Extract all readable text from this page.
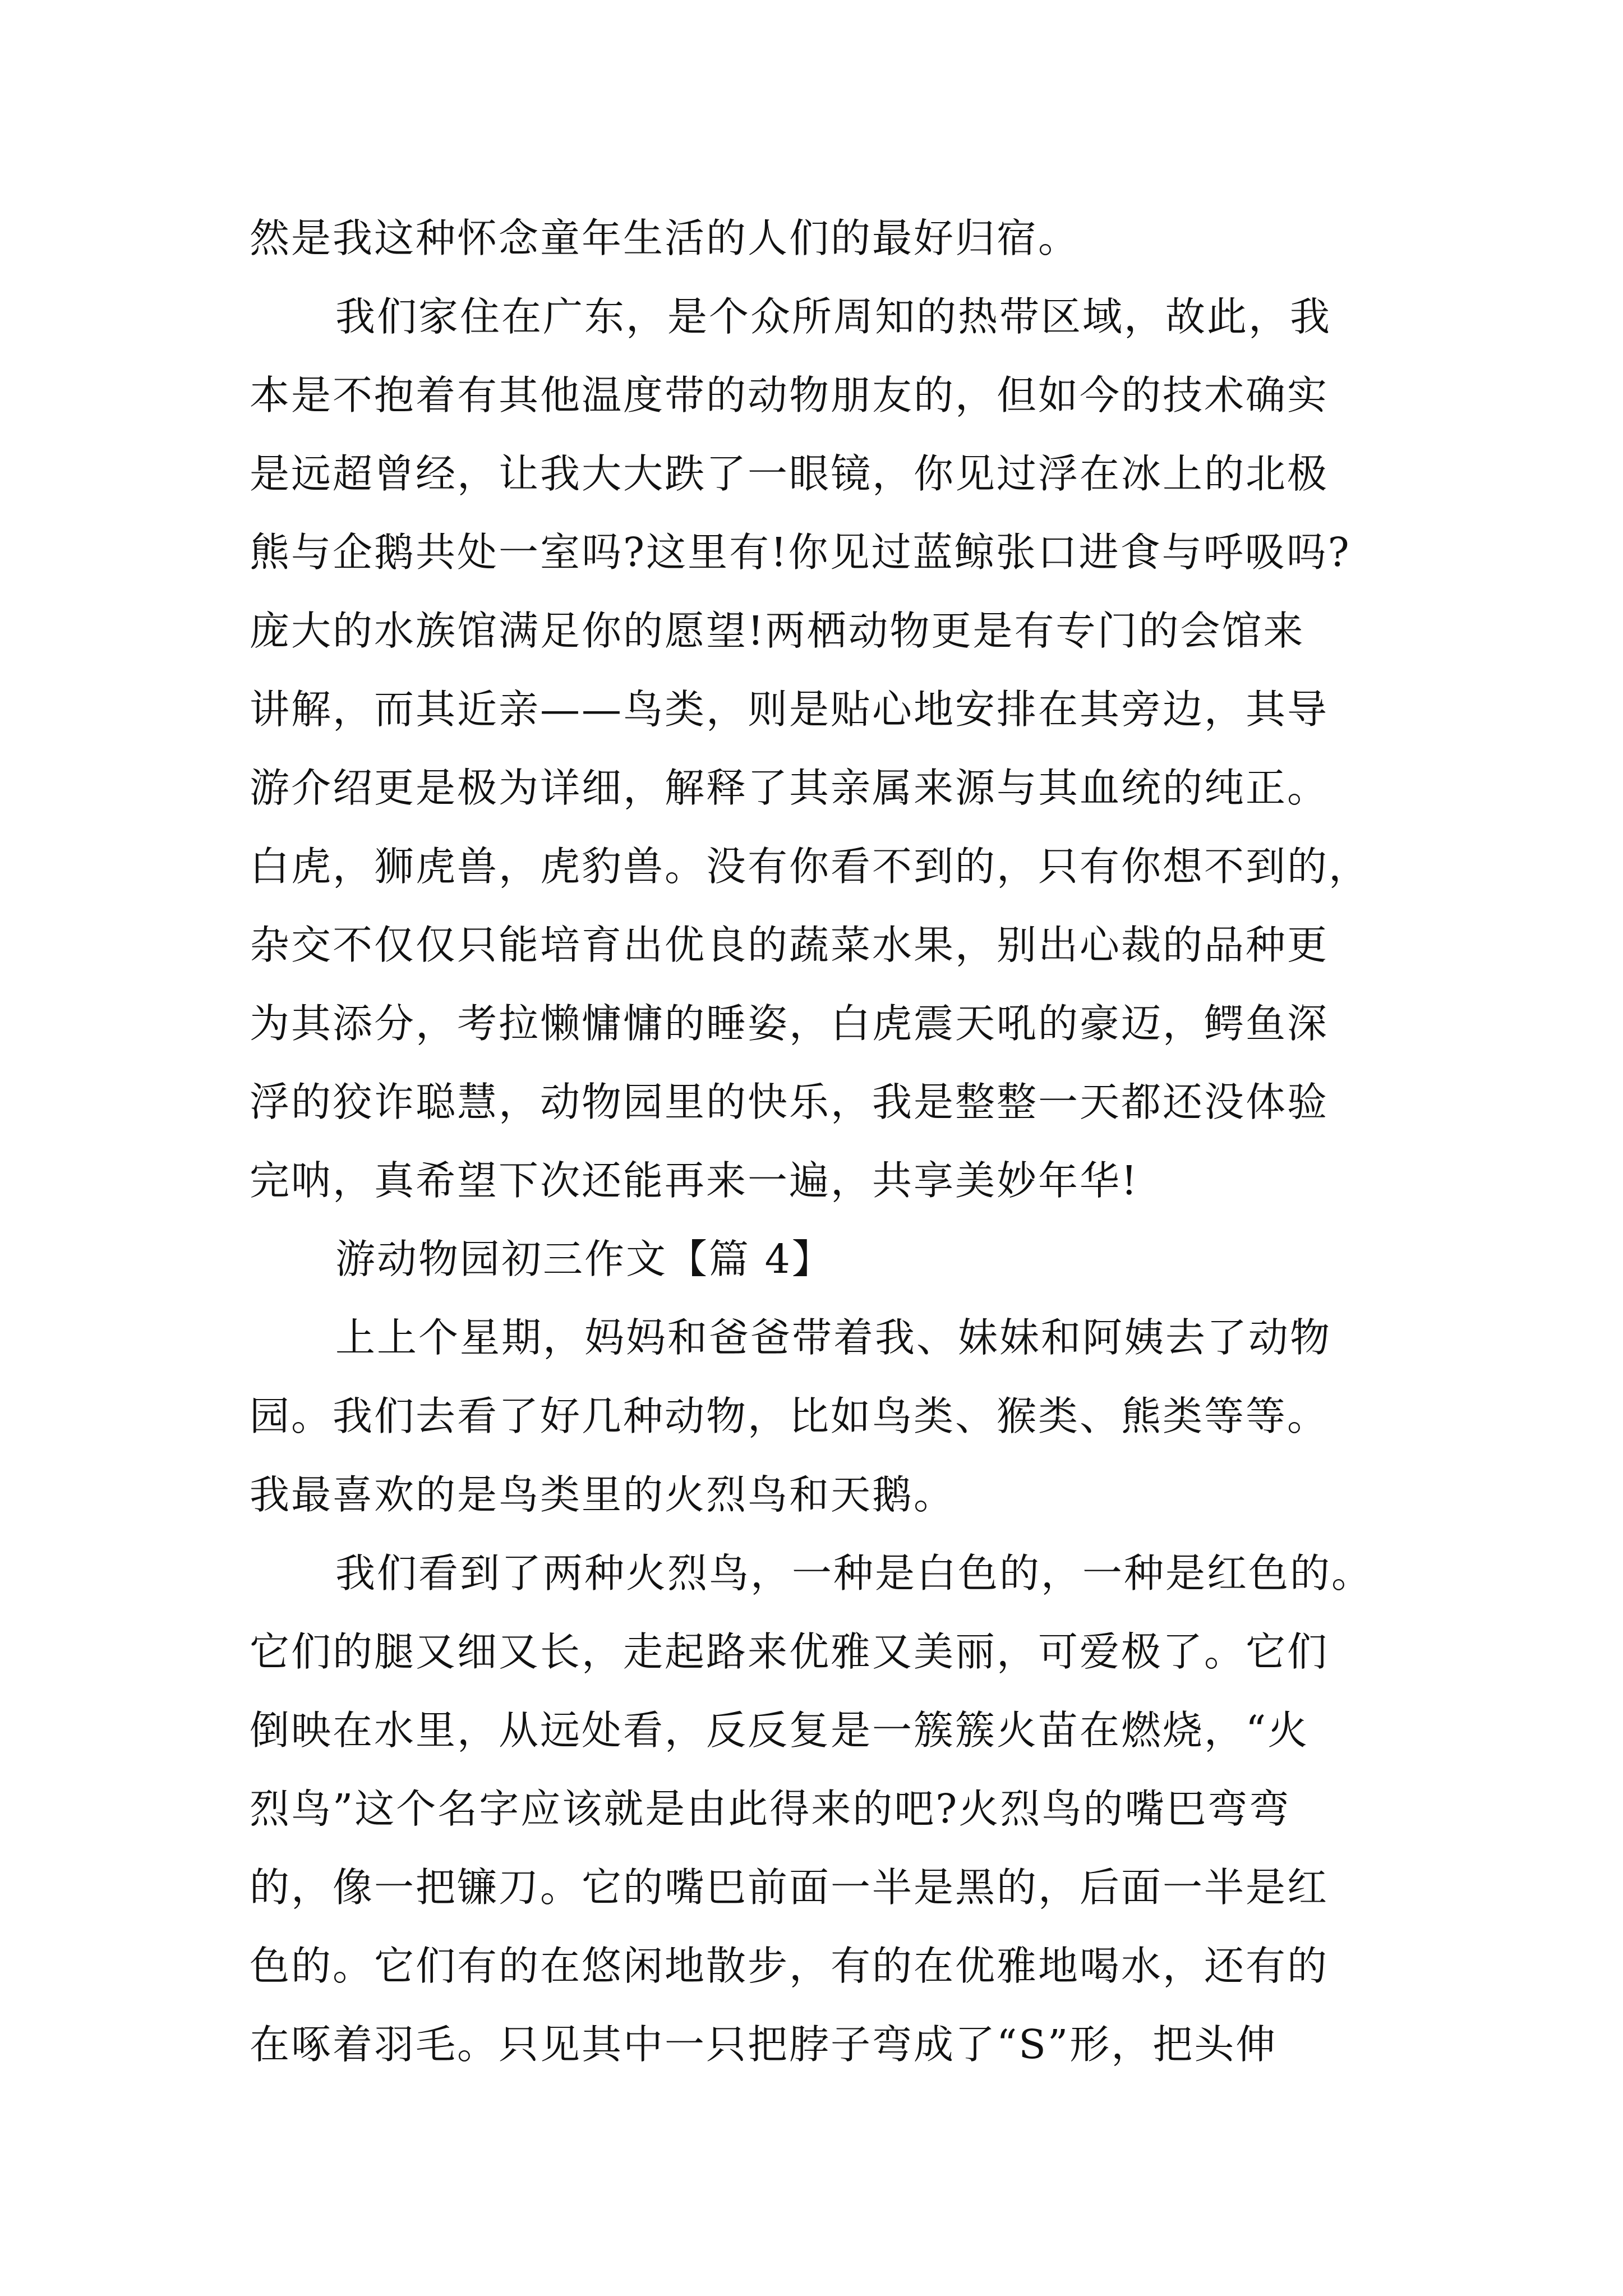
然是我这种怀念童年生活的人们的最好归宿。
我们家住在广东，是个众所周知的热带区域，故此，我
本是不抱着有其他温度带的动物朋友的，但如今的技术确实
是远超曾经，让我大大跌了一眼镜，你见过浮在冰上的北极
熊与企鹅共处一室吗?这里有!你见过蓝鲸张口进食与呼吸吗?
庞大的水族馆满足你的愿望!两栖动物更是有专门的会馆来
讲解，而其近亲——鸟类，则是贴心地安排在其旁边，其导
游介绍更是极为详细，解释了其亲属来源与其血统的纯正。
白虎，狮虎兽，虎豹兽。没有你看不到的，只有你想不到的，
杂交不仅仅只能培育出优良的蔬菜水果，别出心裁的品种更
为其添分，考拉懒慵慵的睡姿，白虎震天吼的豪迈，鳄鱼深
浮的狡诈聪慧，动物园里的快乐，我是整整一天都还没体验
完呐，真希望下次还能再来一遍，共享美妙年华!
游动物园初三作文【篇 4】
上上个星期，妈妈和爸爸带着我、妹妹和阿姨去了动物
园。我们去看了好几种动物，比如鸟类、猴类、熊类等等。
我最喜欢的是鸟类里的火烈鸟和天鹅。
我们看到了两种火烈鸟，一种是白色的，一种是红色的。
它们的腿又细又长，走起路来优雅又美丽，可爱极了。它们
倒映在水里，从远处看，反反复是一簇簇火苗在燃烧，“火
烈鸟”这个名字应该就是由此得来的吧?火烈鸟的嘴巴弯弯
的，像一把镰刀。它的嘴巴前面一半是黑的，后面一半是红
色的。它们有的在悠闲地散步，有的在优雅地喝水，还有的
在啄着羽毛。只见其中一只把脖子弯成了“S”形，把头伸
